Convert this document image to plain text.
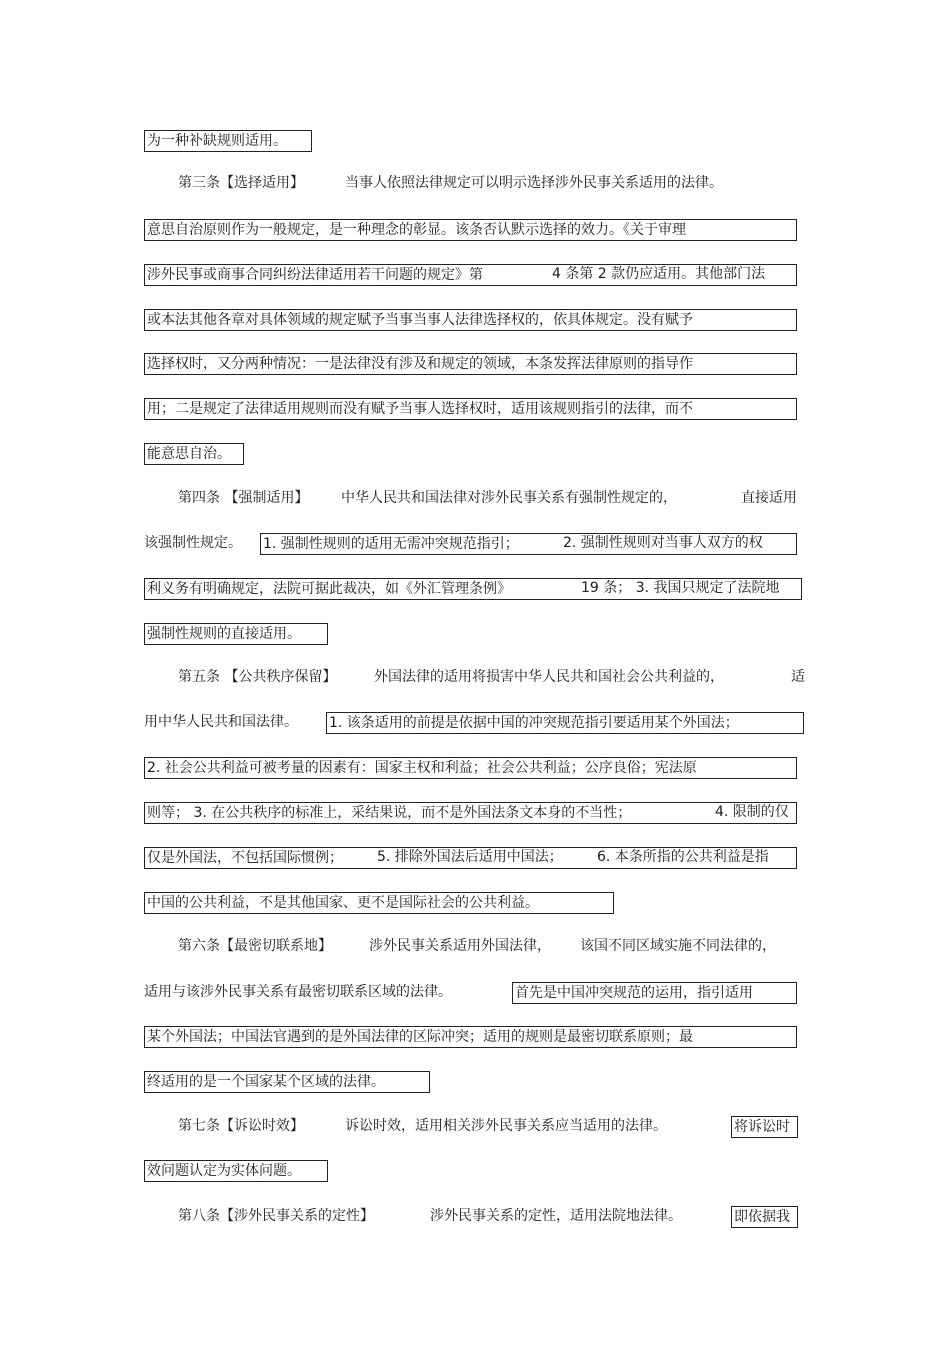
为一种补缺规则适用。
第三条【选择适用】	当事人依照法律规定可以明示选择涉外民事关系适用的法律。
意思自治原则作为一般规定，是一种理念的彰显。该条否认默示选择的效力。《关于审理
涉外民事或商事合同纠纷法律适用若干问题的规定》第	4 条第 2 款仍应适用。其他部门法
或本法其他各章对具体领域的规定赋予当事当事人法律选择权的，依具体规定。没有赋予
选择权时，又分两种情况：一是法律没有涉及和规定的领域，本条发挥法律原则的指导作
用；二是规定了法律适用规则而没有赋予当事人选择权时，适用该规则指引的法律，而不
能意思自治。
第四条 【强制适用】 中华人民共和国法律对涉外民事关系有强制性规定的，	直接适用
该强制性规定。 1. 强制性规则的适用无需冲突规范指引；	2. 强制性规则对当事人双方的权
利义务有明确规定，法院可据此裁决，如《外汇管理条例》	19 条； 3. 我国只规定了法院地
强制性规则的直接适用。
第五条 【公共秩序保留】	外国法律的适用将损害中华人民共和国社会公共利益的，	适
用中华人民共和国法律。 1. 该条适用的前提是依据中国的冲突规范指引要适用某个外国法；
2. 社会公共利益可被考量的因素有：国家主权和利益；社会公共利益；公序良俗；宪法原
则等； 3. 在公共秩序的标准上，采结果说，而不是外国法条文本身的不当性；	4. 限制的仅
仅是外国法，不包括国际惯例； 5. 排除外国法后适用中国法； 6. 本条所指的公共利益是指
中国的公共利益，不是其他国家、更不是国际社会的公共利益。
第六条【最密切联系地】	涉外民事关系适用外国法律， 该国不同区域实施不同法律的，
适用与该涉外民事关系有最密切联系区域的法律。	首先是中国冲突规范的运用，指引适用
某个外国法；中国法官遇到的是外国法律的区际冲突；适用的规则是最密切联系原则；最
终适用的是一个国家某个区域的法律。
第七条【诉讼时效】	诉讼时效，适用相关涉外民事关系应当适用的法律。	将诉讼时
效问题认定为实体问题。
第八条【涉外民事关系的定性】	涉外民事关系的定性，适用法院地法律。	即依据我
